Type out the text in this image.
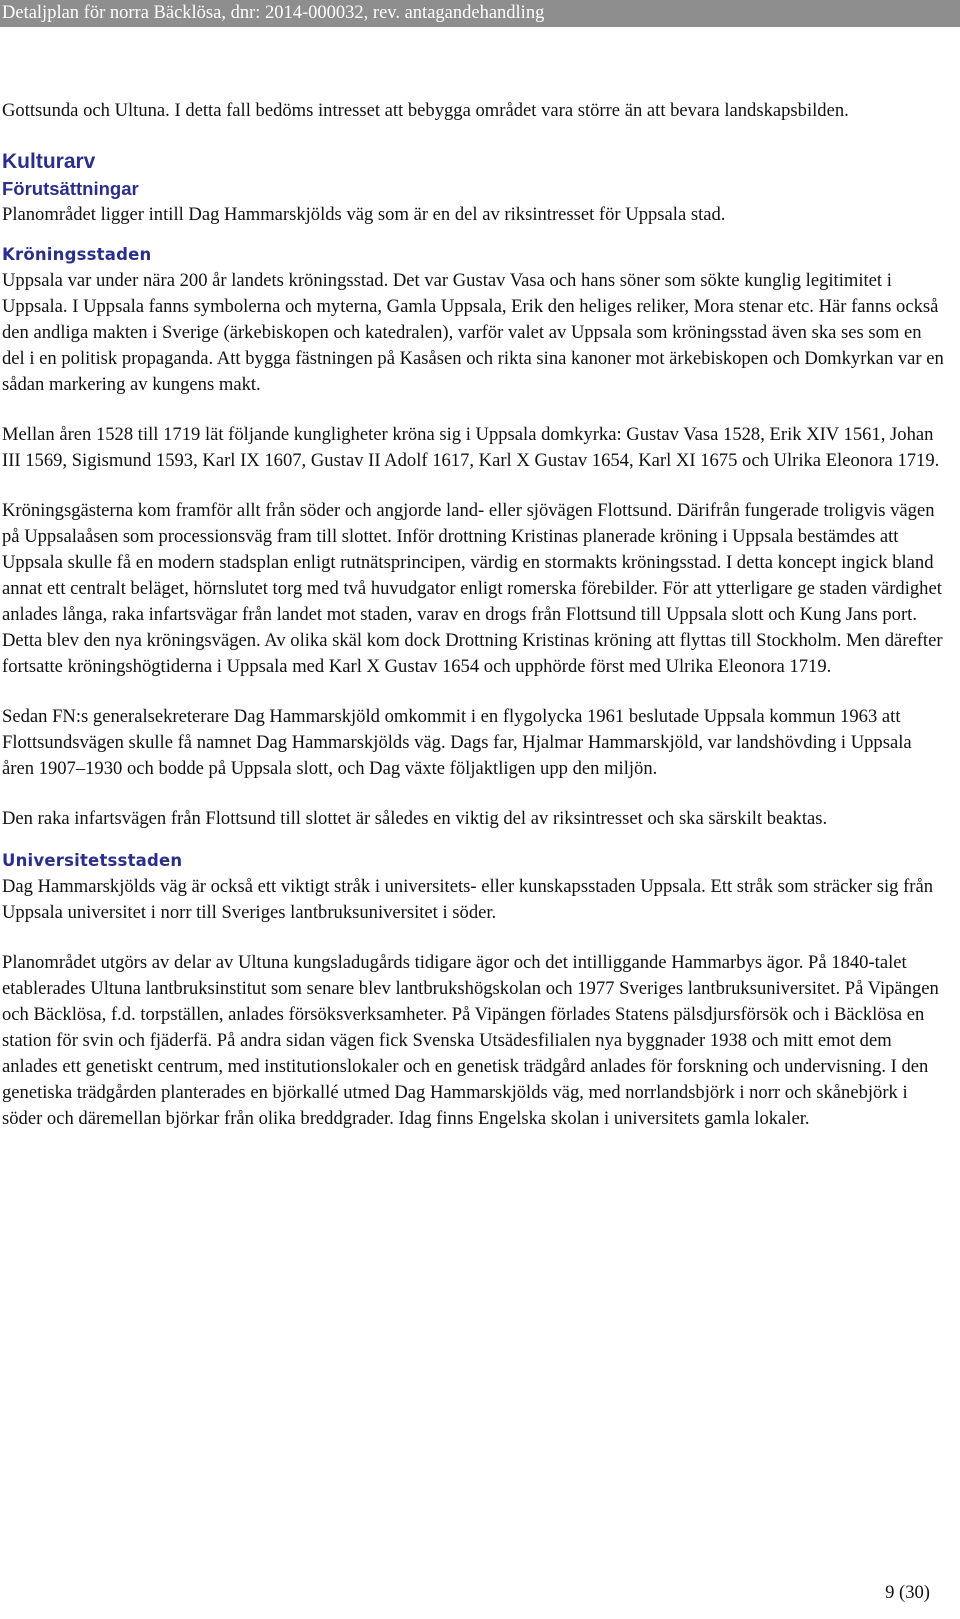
Detaljplan för norra Bäcklösa, dnr: 2014-000032, rev. antagandehandling

Gottsunda och Ultuna. I detta fall bedöms intresset att bebygga området vara större än att bevara landskapsbilden.

Kulturarv
Förutsättningar

Planområdet ligger intill Dag Hammarskjölds väg som är en del av riksintresset för Uppsala stad.

Kröningsstaden

Uppsala var under nära 200 år landets kröningsstad. Det var Gustav Vasa och hans söner som sökte kunglig legitimitet i Uppsala. I Uppsala fanns symbolerna och myterna, Gamla Uppsala, Erik den heliges reliker, Mora stenar etc. Här fanns också den andliga makten i Sverige (ärkebiskopen och katedralen), varför valet av Uppsala som kröningsstad även ska ses som en del i en politisk propaganda. Att bygga fästningen på Kasåsen och rikta sina kanoner mot ärkebiskopen och Domkyrkan var en sådan markering av kungens makt.

Mellan åren 1528 till 1719 lät följande kungligheter kröna sig i Uppsala domkyrka: Gustav Vasa 1528, Erik XIV 1561, Johan III 1569, Sigismund 1593, Karl IX 1607, Gustav II Adolf 1617, Karl X Gustav 1654, Karl XI 1675 och Ulrika Eleonora 1719.

Kröningsgästerna kom framför allt från söder och angjorde land- eller sjövägen Flottsund. Därifrån fungerade troligvis vägen på Uppsalaåsen som processionsväg fram till slottet. Inför drottning Kristinas planerade kröning i Uppsala bestämdes att Uppsala skulle få en modern stadsplan enligt rutnätsprincipen, värdig en stormakts kröningsstad. I detta koncept ingick bland annat ett centralt beläget, hörnslutet torg med två huvudgator enligt romerska förebilder. För att ytterligare ge staden värdighet anlades långa, raka infartsvägar från landet mot staden, varav en drogs från Flottsund till Uppsala slott och Kung Jans port. Detta blev den nya kröningsvägen. Av olika skäl kom dock Drottning Kristinas kröning att flyttas till Stockholm. Men därefter fortsatte kröningshögtiderna i Uppsala med Karl X Gustav 1654 och upphörde först med Ulrika Eleonora 1719.

Sedan FN:s generalsekreterare Dag Hammarskjöld omkommit i en flygolycka 1961 beslutade Uppsala kommun 1963 att Flottsundsvägen skulle få namnet Dag Hammarskjölds väg. Dags far, Hjalmar Hammarskjöld, var landshövding i Uppsala åren 1907–1930 och bodde på Uppsala slott, och Dag växte följaktligen upp den miljön.

Den raka infartsvägen från Flottsund till slottet är således en viktig del av riksintresset och ska särskilt beaktas.

Universitetsstaden

Dag Hammarskjölds väg är också ett viktigt stråk i universitets- eller kunskapsstaden Uppsala. Ett stråk som sträcker sig från Uppsala universitet i norr till Sveriges lantbruksuniversitet i söder.

Planområdet utgörs av delar av Ultuna kungsladugårds tidigare ägor och det intilliggande Hammarbys ägor. På 1840-talet etablerades Ultuna lantbruksinstitut som senare blev lantbrukshögskolan och 1977 Sveriges lantbruksuniversitet. På Vipängen och Bäcklösa, f.d. torpställen, anlades försöksverksamheter. På Vipängen förlades Statens pälsdjursförsök och i Bäcklösa en station för svin och fjäderfä. På andra sidan vägen fick Svenska Utsädesfilialen nya byggnader 1938 och mitt emot dem anlades ett genetiskt centrum, med institutionslokaler och en genetisk trädgård anlades för forskning och undervisning. I den genetiska trädgården planterades en björkallé utmed Dag Hammarskjölds väg, med norrlandsbjörk i norr och skånebjörk i söder och däremellan björkar från olika breddgrader. Idag finns Engelska skolan i universitets gamla lokaler.

9 (30)
